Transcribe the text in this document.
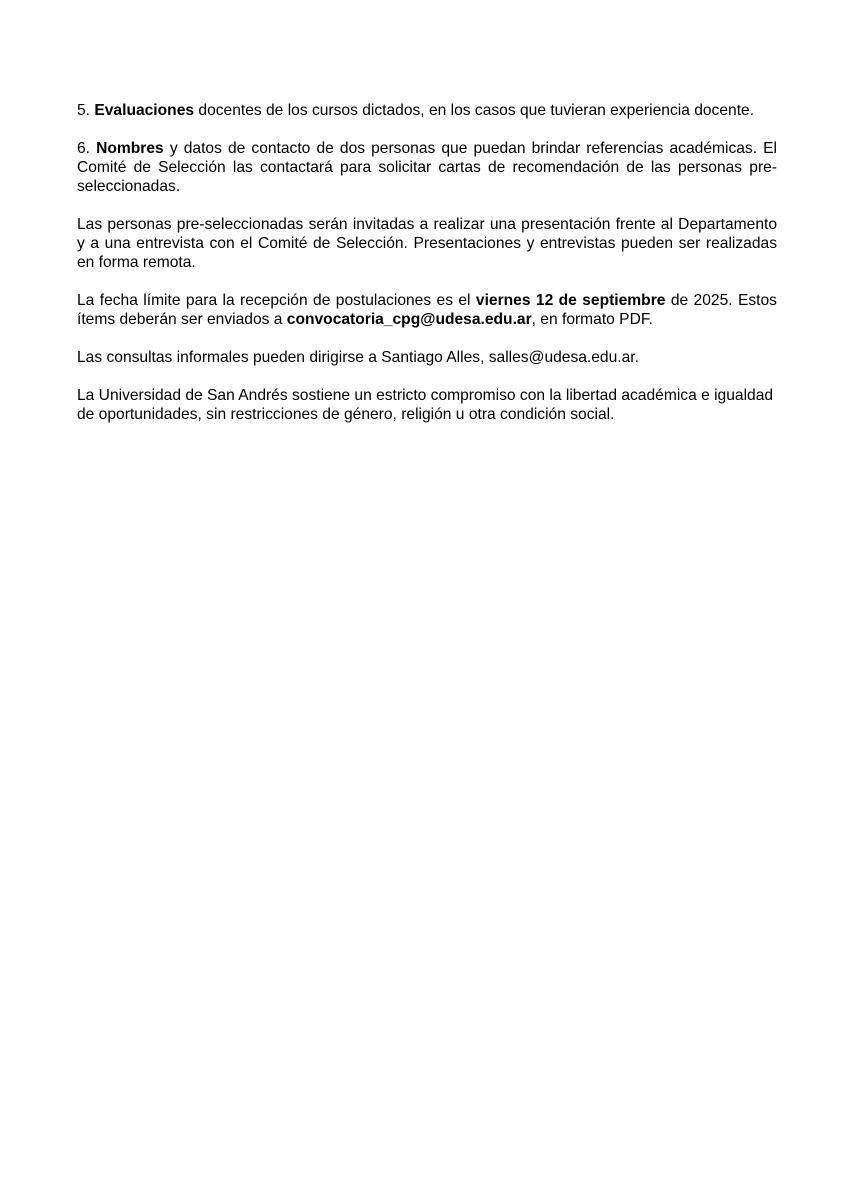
5. Evaluaciones docentes de los cursos dictados, en los casos que tuvieran experiencia docente.

6. Nombres y datos de contacto de dos personas que puedan brindar referencias académicas. El Comité de Selección las contactará para solicitar cartas de recomendación de las personas pre-seleccionadas.

Las personas pre-seleccionadas serán invitadas a realizar una presentación frente al Departamento y a una entrevista con el Comité de Selección. Presentaciones y entrevistas pueden ser realizadas en forma remota.

La fecha límite para la recepción de postulaciones es el viernes 12 de septiembre de 2025. Estos ítems deberán ser enviados a convocatoria_cpg@udesa.edu.ar, en formato PDF.

Las consultas informales pueden dirigirse a Santiago Alles, salles@udesa.edu.ar.

La Universidad de San Andrés sostiene un estricto compromiso con la libertad académica e igualdad de oportunidades, sin restricciones de género, religión u otra condición social.
